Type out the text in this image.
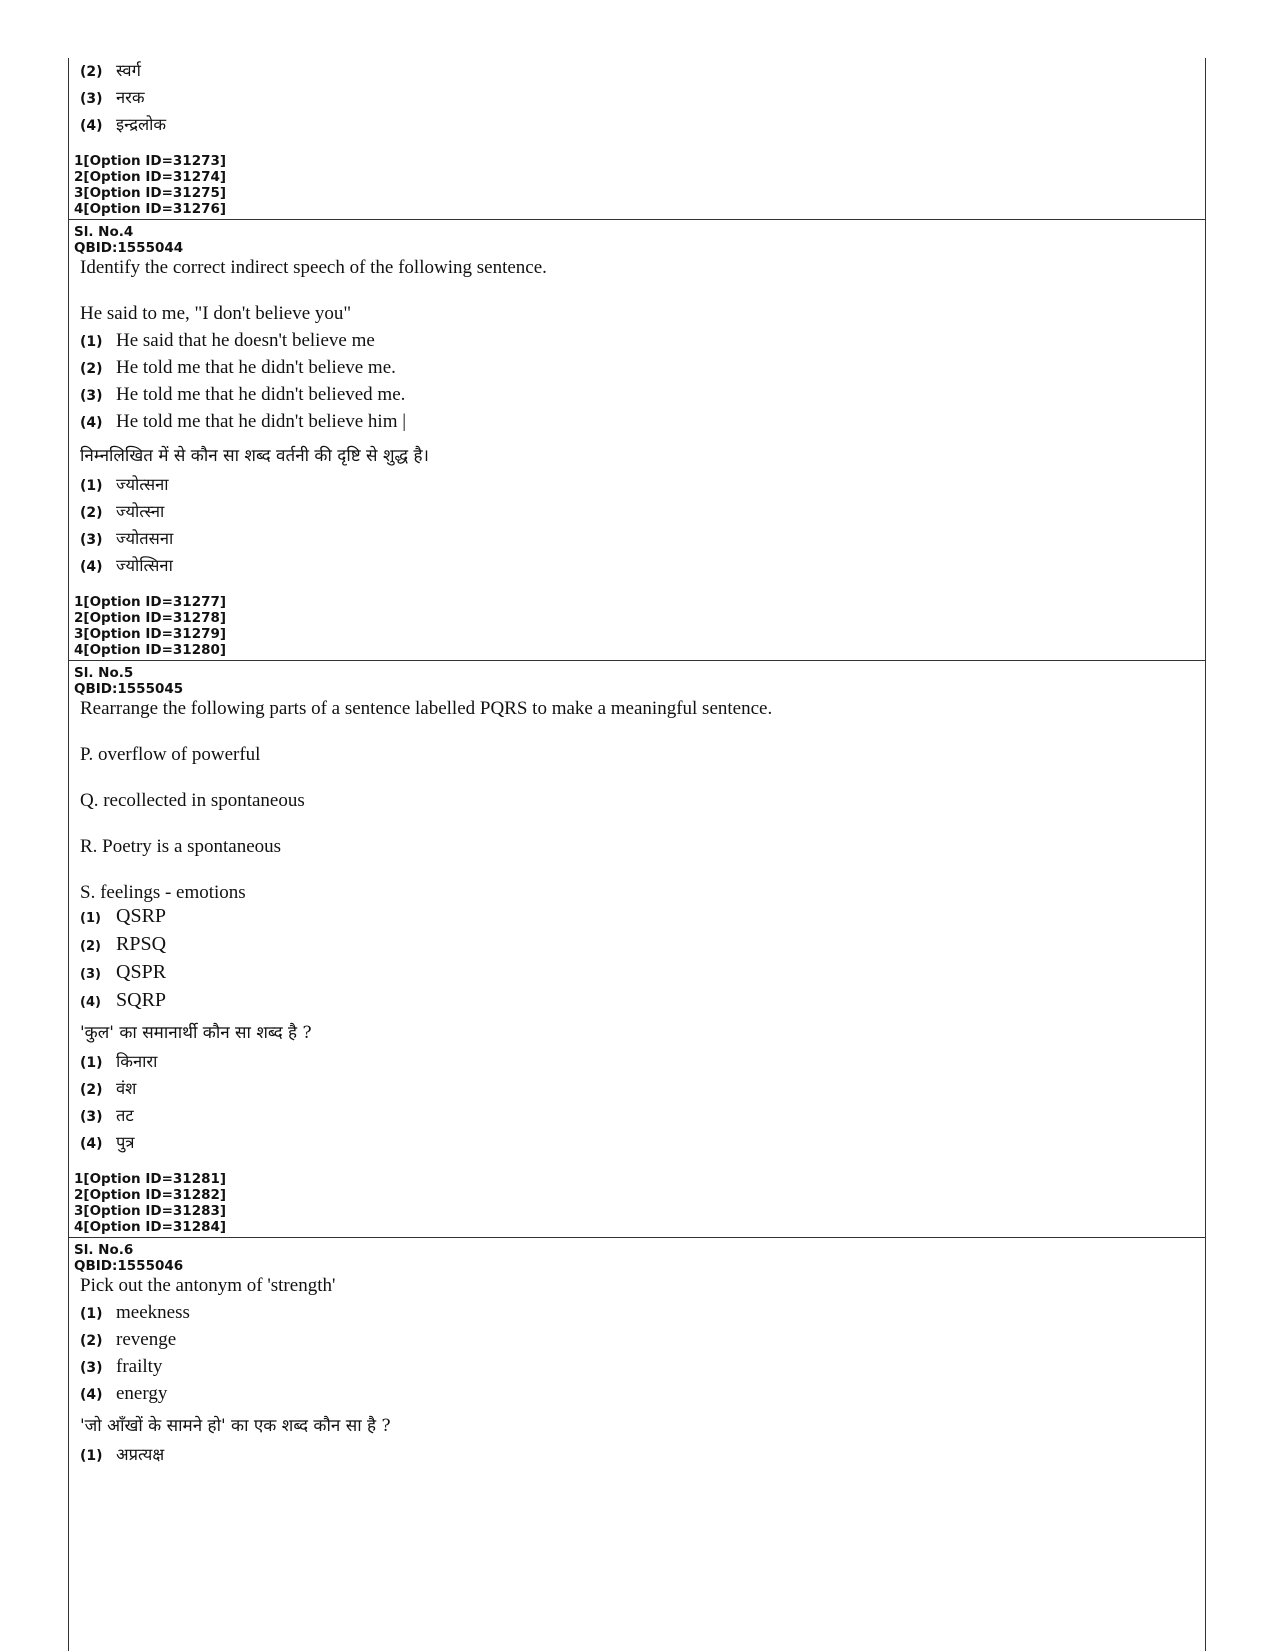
(2) स्वर्ग
(3) नरक
(4) इन्द्रलोक
1[Option ID=31273]
2[Option ID=31274]
3[Option ID=31275]
4[Option ID=31276]
Sl. No.4
QBID:1555044
Identify the correct indirect speech of the following sentence.
He said to me, "I don't believe you"
(1) He said that he doesn't believe me
(2) He told me that he didn't believe me.
(3) He told me that he didn't believed me.
(4) He told me that he didn't believe him |
निम्नलिखित में से कौन सा शब्द वर्तनी की दृष्टि से शुद्ध है।
(1) ज्योत्सना
(2) ज्योत्स्ना
(3) ज्योतसना
(4) ज्योत्सिना
1[Option ID=31277]
2[Option ID=31278]
3[Option ID=31279]
4[Option ID=31280]
Sl. No.5
QBID:1555045
Rearrange the following parts of a sentence labelled PQRS to make a meaningful sentence.
P. overflow of powerful
Q. recollected in spontaneous
R. Poetry is a spontaneous
S. feelings - emotions
(1) QSRP
(2) RPSQ
(3) QSPR
(4) SQRP
'कुल' का समानार्थी कौन सा शब्द है ?
(1) किनारा
(2) वंश
(3) तट
(4) पुत्र
1[Option ID=31281]
2[Option ID=31282]
3[Option ID=31283]
4[Option ID=31284]
Sl. No.6
QBID:1555046
Pick out the antonym of 'strength'
(1) meekness
(2) revenge
(3) frailty
(4) energy
'जो आँखों के सामने हो' का एक शब्द कौन सा है ?
(1) अप्रत्यक्ष
